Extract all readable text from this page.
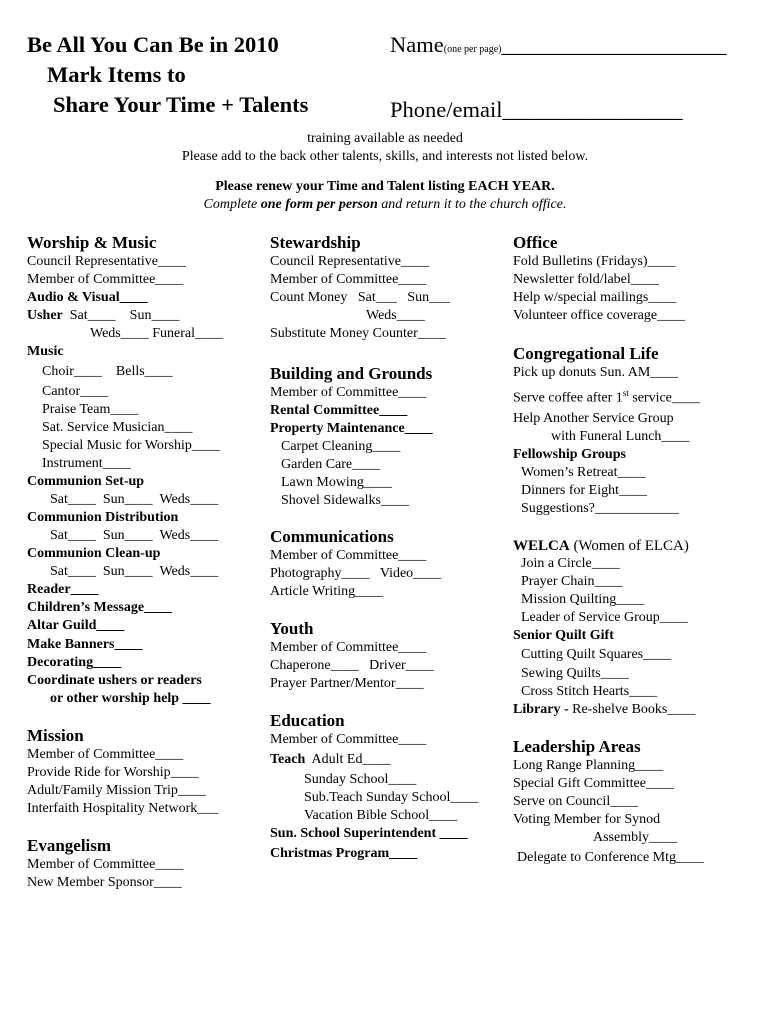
Be All You Can Be in 2010
Mark Items to
Share Your Time + Talents
Name(one per page)____________________
Phone/email________________
training available as needed
Please add to the back other talents, skills, and interests not listed below.
Please renew your Time and Talent listing EACH YEAR.
Complete one form per person and return it to the church office.
Worship & Music
Council Representative____
Member of Committee____
Audio & Visual____
Usher Sat____ Sun____
Weds____ Funeral____
Music
Choir____ Bells____
Cantor____
Praise Team____
Sat. Service Musician____
Special Music for Worship____
Instrument____
Communion Set-up
Sat____ Sun____ Weds____
Communion Distribution
Sat____ Sun____ Weds____
Communion Clean-up
Sat____ Sun____ Weds____
Reader____
Children’s Message____
Altar Guild____
Make Banners____
Decorating____
Coordinate ushers or readers
or other worship help ____
Mission
Member of Committee____
Provide Ride for Worship____
Adult/Family Mission Trip____
Interfaith Hospitality Network___
Evangelism
Member of Committee____
New Member Sponsor____
Stewardship
Council Representative____
Member of Committee____
Count Money Sat___ Sun___
Weds____
Substitute Money Counter____
Building and Grounds
Member of Committee____
Rental Committee____
Property Maintenance____
Carpet Cleaning____
Garden Care____
Lawn Mowing____
Shovel Sidewalks____
Communications
Member of Committee____
Photography____ Video____
Article Writing____
Youth
Member of Committee____
Chaperone____ Driver____
Prayer Partner/Mentor____
Education
Member of Committee____
Teach Adult Ed____
Sunday School____
Sub.Teach Sunday School____
Vacation Bible School____
Sun. School Superintendent ____
Christmas Program____
Office
Fold Bulletins (Fridays)____
Newsletter fold/label____
Help w/special mailings____
Volunteer office coverage____
Congregational Life
Pick up donuts Sun. AM____
Serve coffee after 1st service____
Help Another Service Group
with Funeral Lunch____
Fellowship Groups
Women’s Retreat____
Dinners for Eight____
Suggestions?____________
WELCA (Women of ELCA)
Join a Circle____
Prayer Chain____
Mission Quilting____
Leader of Service Group____
Senior Quilt Gift
Cutting Quilt Squares____
Sewing Quilts____
Cross Stitch Hearts____
Library - Re-shelve Books____
Leadership Areas
Long Range Planning____
Special Gift Committee____
Serve on Council____
Voting Member for Synod
Assembly____
Delegate to Conference Mtg____
